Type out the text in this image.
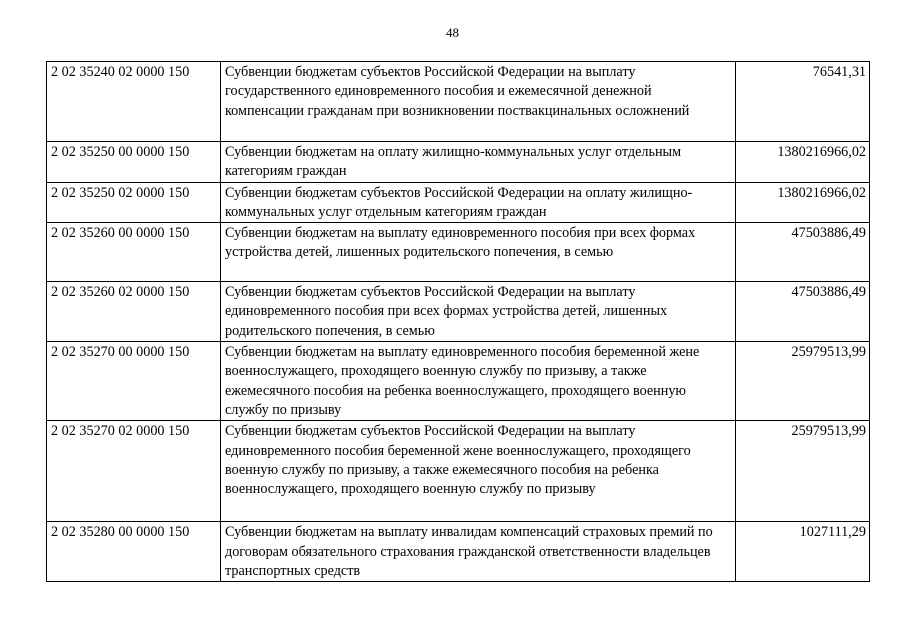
48
2 02 35240 02 0000 150	Субвенции бюджетам субъектов Российской Федерации на выплату государственного единовременного пособия и ежемесячной денежной компенсации гражданам при возникновении поствакцинальных осложнений	76541,31
2 02 35250 00 0000 150	Субвенции бюджетам на оплату жилищно-коммунальных услуг отдельным категориям граждан	1380216966,02
2 02 35250 02 0000 150	Субвенции бюджетам субъектов Российской Федерации на оплату жилищно-коммунальных услуг отдельным категориям граждан	1380216966,02
2 02 35260 00 0000 150	Субвенции бюджетам на выплату единовременного пособия при всех формах устройства детей, лишенных родительского попечения, в семью	47503886,49
2 02 35260 02 0000 150	Субвенции бюджетам субъектов Российской Федерации на выплату единовременного пособия при всех формах устройства детей, лишенных родительского попечения, в семью	47503886,49
2 02 35270 00 0000 150	Субвенции бюджетам на выплату единовременного пособия беременной жене военнослужащего, проходящего военную службу по призыву, а также ежемесячного пособия на ребенка военнослужащего, проходящего военную службу по призыву	25979513,99
2 02 35270 02 0000 150	Субвенции бюджетам субъектов Российской Федерации на выплату единовременного пособия беременной жене военнослужащего, проходящего военную службу по призыву, а также ежемесячного пособия на ребенка военнослужащего, проходящего военную службу по призыву	25979513,99
2 02 35280 00 0000 150	Субвенции бюджетам на выплату инвалидам компенсаций страховых премий по договорам обязательного страхования гражданской ответственности владельцев транспортных средств	1027111,29
